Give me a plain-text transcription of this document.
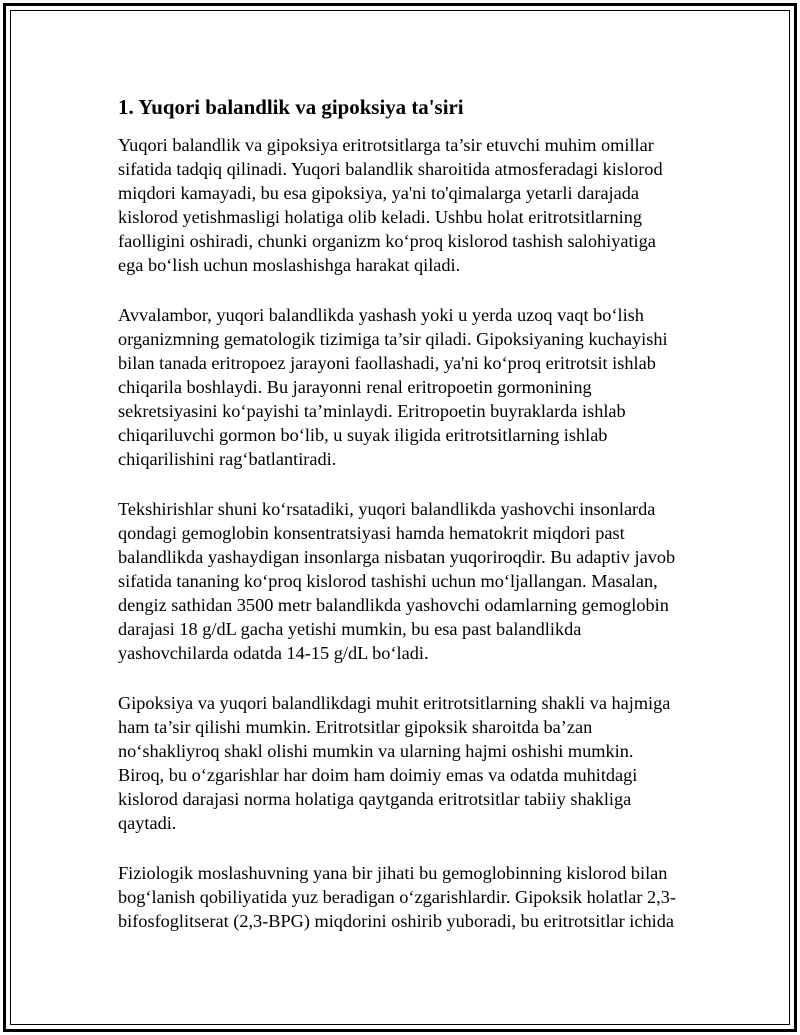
1. Yuqori balandlik va gipoksiya ta'siri
Yuqori balandlik va gipoksiya eritrotsitlarga ta’sir etuvchi muhim omillar
sifatida tadqiq qilinadi. Yuqori balandlik sharoitida atmosferadagi kislorod
miqdori kamayadi, bu esa gipoksiya, ya'ni to'qimalarga yetarli darajada
kislorod yetishmasligi holatiga olib keladi. Ushbu holat eritrotsitlarning
faolligini oshiradi, chunki organizm ko‘proq kislorod tashish salohiyatiga
ega bo‘lish uchun moslashishga harakat qiladi.
Avvalambor, yuqori balandlikda yashash yoki u yerda uzoq vaqt bo‘lish
organizmning gematologik tizimiga ta’sir qiladi. Gipoksiyaning kuchayishi
bilan tanada eritropoez jarayoni faollashadi, ya'ni ko‘proq eritrotsit ishlab
chiqarila boshlaydi. Bu jarayonni renal eritropoetin gormonining
sekretsiyasini ko‘payishi ta’minlaydi. Eritropoetin buyraklarda ishlab
chiqariluvchi gormon bo‘lib, u suyak iligida eritrotsitlarning ishlab
chiqarilishini rag‘batlantiradi.
Tekshirishlar shuni ko‘rsatadiki, yuqori balandlikda yashovchi insonlarda
qondagi gemoglobin konsentratsiyasi hamda hematokrit miqdori past
balandlikda yashaydigan insonlarga nisbatan yuqoriroqdir. Bu adaptiv javob
sifatida tananing ko‘proq kislorod tashishi uchun mo‘ljallangan. Masalan,
dengiz sathidan 3500 metr balandlikda yashovchi odamlarning gemoglobin
darajasi 18 g/dL gacha yetishi mumkin, bu esa past balandlikda
yashovchilarda odatda 14-15 g/dL bo‘ladi.
Gipoksiya va yuqori balandlikdagi muhit eritrotsitlarning shakli va hajmiga
ham ta’sir qilishi mumkin. Eritrotsitlar gipoksik sharoitda ba’zan
no‘shakliyroq shakl olishi mumkin va ularning hajmi oshishi mumkin.
Biroq, bu o‘zgarishlar har doim ham doimiy emas va odatda muhitdagi
kislorod darajasi norma holatiga qaytganda eritrotsitlar tabiiy shakliga
qaytadi.
Fiziologik moslashuvning yana bir jihati bu gemoglobinning kislorod bilan
bog‘lanish qobiliyatida yuz beradigan o‘zgarishlardir. Gipoksik holatlar 2,3-
bifosfoglitserat (2,3-BPG) miqdorini oshirib yuboradi, bu eritrotsitlar ichida
